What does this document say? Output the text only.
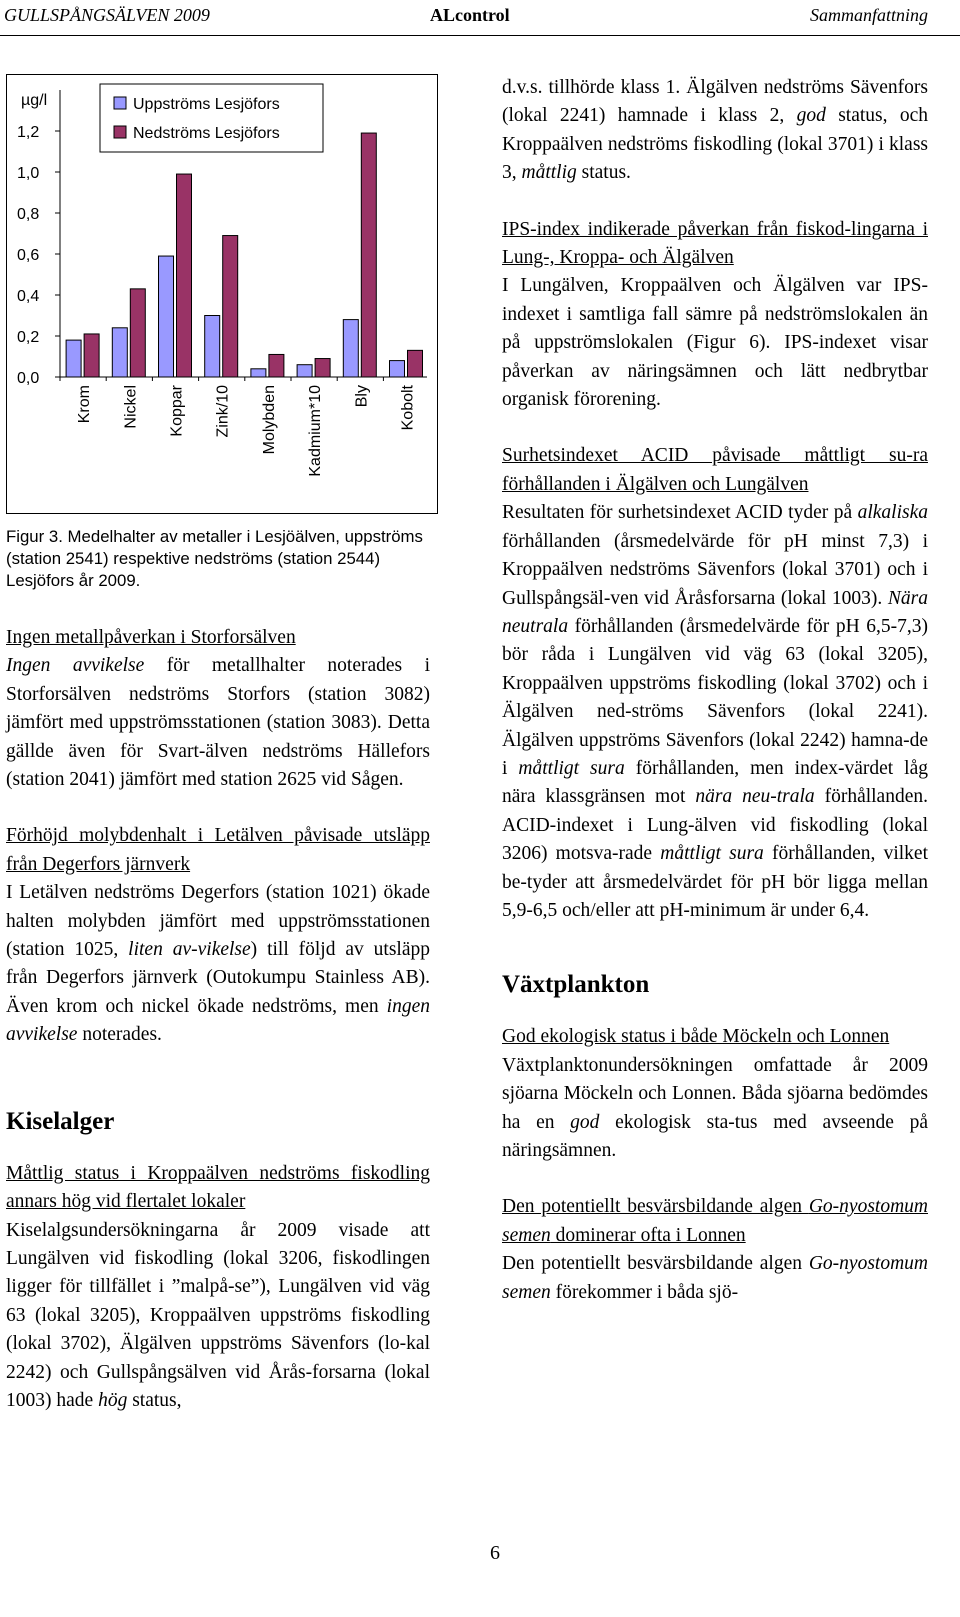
GULLSPÅNGSÄLVEN 2009	ALcontrol	Sammanfattning
µg/l
0,0
0,2
0,4
0,6
0,8
1,0
1,2
Krom Nickel Koppar Zink/10 Molybden Kadmium*10 Bly Kobolt
Uppströms Lesjöfors
Nedströms Lesjöfors
Figur 3. Medelhalter av metaller i Lesjöälven, uppströms (station 2541) respektive nedströms (station 2544) Lesjöfors år 2009.

Ingen metallpåverkan i Storforsälven

Ingen avvikelse för metallhalter noterades i Storforsälven nedströms Storfors (station 3082) jämfört med uppströmsstationen (station 3083). Detta gällde även för Svart-älven nedströms Hällefors (station 2041) jämfört med station 2625 vid Sågen.

Förhöjd molybdenhalt i Letälven påvisade utsläpp från Degerfors järnverk

I Letälven nedströms Degerfors (station 1021) ökade halten molybden jämfört med uppströmsstationen (station 1025, liten av-vikelse) till följd av utsläpp från Degerfors järnverk (Outokumpu Stainless AB). Även krom och nickel ökade nedströms, men ingen avvikelse noterades.

Kiselalger

Måttlig status i Kroppaälven nedströms fiskodling annars hög vid flertalet lokaler

Kiselalgsundersökningarna år 2009 visade att Lungälven vid fiskodling (lokal 3206, fiskodlingen ligger för tillfället i ”malpå-se”), Lungälven vid väg 63 (lokal 3205), Kroppaälven uppströms fiskodling (lokal 3702), Älgälven uppströms Sävenfors (lo-kal 2242) och Gullspångsälven vid Årås-forsarna (lokal 1003) hade hög status,

d.v.s. tillhörde klass 1. Älgälven nedströms Sävenfors (lokal 2241) hamnade i klass 2, god status, och Kroppaälven nedströms fiskodling (lokal 3701) i klass 3, måttlig status.

IPS-index indikerade påverkan från fiskod-lingarna i Lung-, Kroppa- och Älgälven

I Lungälven, Kroppaälven och Älgälven var IPS-indexet i samtliga fall sämre på nedströmslokalen än på uppströmslokalen (Figur 6). IPS-indexet visar påverkan av näringsämnen och lätt nedbrytbar organisk förorening.

Surhetsindexet ACID påvisade måttligt su-ra förhållanden i Älgälven och Lungälven

Resultaten för surhetsindexet ACID tyder på alkaliska förhållanden (årsmedelvärde för pH minst 7,3) i Kroppaälven nedströms Sävenfors (lokal 3701) och i Gullspångsäl-ven vid Åråsforsarna (lokal 1003). Nära neutrala förhållanden (årsmedelvärde för pH 6,5-7,3) bör råda i Lungälven vid väg 63 (lokal 3205), Kroppaälven uppströms fiskodling (lokal 3702) och i Älgälven ned-ströms Sävenfors (lokal 2241). Älgälven uppströms Sävenfors (lokal 2242) hamna-de i måttligt sura förhållanden, men index-värdet låg nära klassgränsen mot nära neu-trala förhållanden. ACID-indexet i Lung-älven vid fiskodling (lokal 3206) motsva-rade måttligt sura förhållanden, vilket be-tyder att årsmedelvärdet för pH bör ligga mellan 5,9-6,5 och/eller att pH-minimum är under 6,4.

Växtplankton

God ekologisk status i både Möckeln och Lonnen

Växtplanktonundersökningen omfattade år 2009 sjöarna Möckeln och Lonnen. Båda sjöarna bedömdes ha en god ekologisk sta-tus med avseende på näringsämnen.

Den potentiellt besvärsbildande algen Go-nyostomum semen dominerar ofta i Lonnen

Den potentiellt besvärsbildande algen Go-nyostomum semen förekommer i båda sjö-

6
